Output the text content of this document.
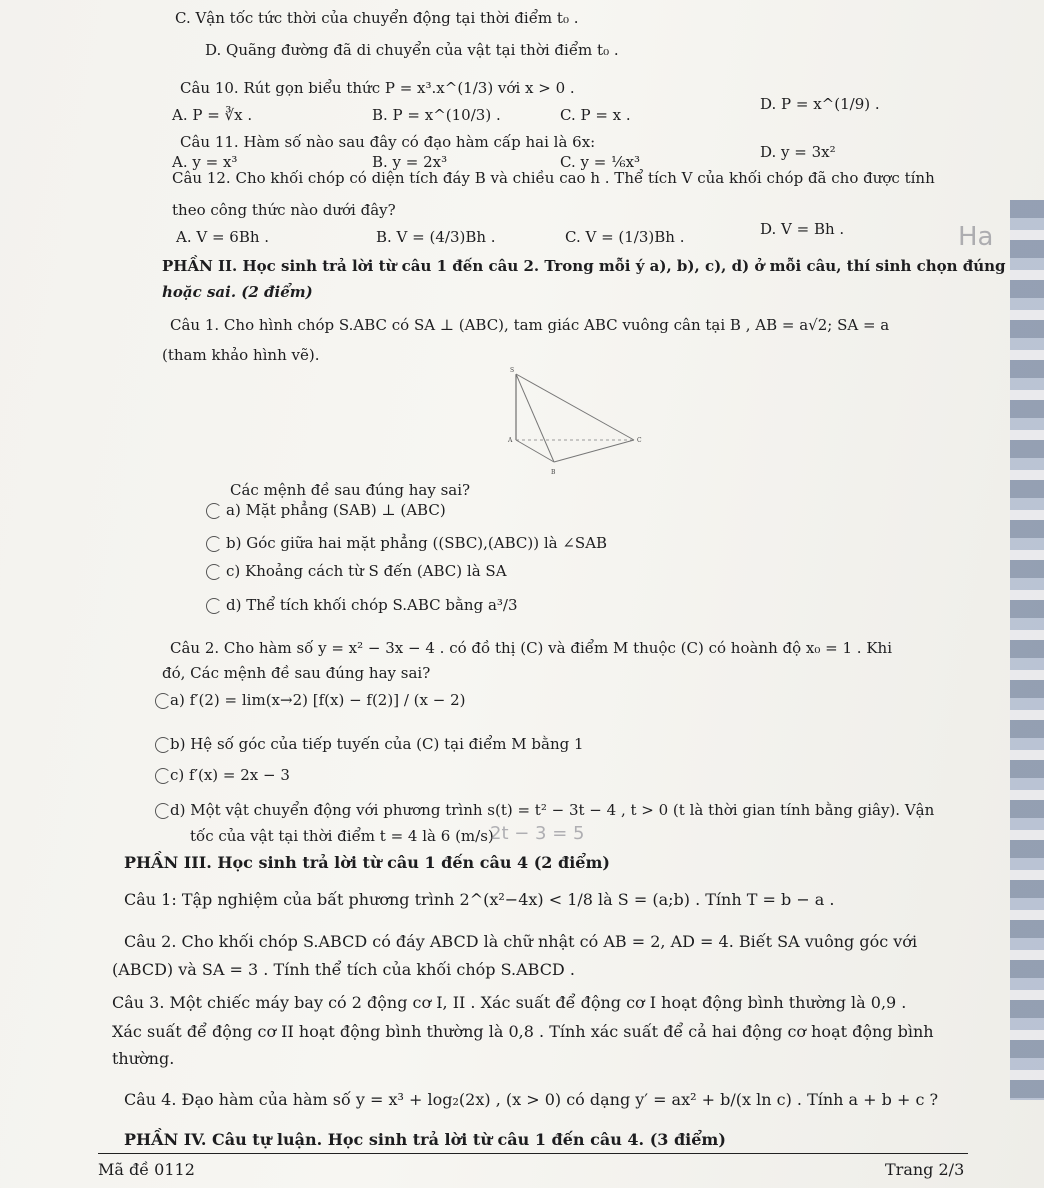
C. Vận tốc tức thời của chuyển động tại thời điểm t₀ .
D. Quãng đường đã di chuyển của vật tại thời điểm t₀ .
Câu 10. Rút gọn biểu thức P = x³.x^(1/3) với x > 0 .
A. P = ∛x .	B. P = x^(10/3) .	C. P = x .
D. P = x^(1/9) .
Câu 11. Hàm số nào sau đây có đạo hàm cấp hai là 6x:
A. y = x³	B. y = 2x³	C. y = ⅙x³
D. y = 3x²
Câu 12. Cho khối chóp có diện tích đáy B và chiều cao h . Thể tích V của khối chóp đã cho được tính
theo công thức nào dưới đây?
A. V = 6Bh .	B. V = (4/3)Bh .	C. V = (1/3)Bh .	D. V = Bh .	Ha
PHẦN II. Học sinh trả lời từ câu 1 đến câu 2. Trong mỗi ý a), b), c), d) ở mỗi câu, thí sinh chọn đúng
hoặc sai. (2 điểm)
Câu 1. Cho hình chóp S.ABC có SA ⊥ (ABC), tam giác ABC vuông cân tại B , AB = a√2; SA = a
(tham khảo hình vẽ).
S
A
B
C
Các mệnh đề sau đúng hay sai?
a) Mặt phẳng (SAB) ⊥ (ABC)
b) Góc giữa hai mặt phẳng ((SBC),(ABC)) là ∠SAB
c) Khoảng cách từ S đến (ABC) là SA
d) Thể tích khối chóp S.ABC bằng a³/3
Câu 2. Cho hàm số y = x² − 3x − 4 . có đồ thị (C) và điểm M thuộc (C) có hoành độ x₀ = 1 . Khi
đó, Các mệnh đề sau đúng hay sai?
a) f′(2) = lim(x→2) [f(x) − f(2)] / (x − 2)
b) Hệ số góc của tiếp tuyến của (C) tại điểm M bằng 1
c) f′(x) = 2x − 3
d) Một vật chuyển động với phương trình s(t) = t² − 3t − 4 , t > 0 (t là thời gian tính bằng giây). Vận
tốc của vật tại thời điểm t = 4 là 6 (m/s)
2t − 3 = 5
PHẦN III. Học sinh trả lời từ câu 1 đến câu 4 (2 điểm)
Câu 1: Tập nghiệm của bất phương trình 2^(x²−4x) < 1/8 là S = (a;b) . Tính T = b − a .
Câu 2. Cho khối chóp S.ABCD có đáy ABCD là chữ nhật có AB = 2, AD = 4. Biết SA vuông góc với
(ABCD) và SA = 3 . Tính thể tích của khối chóp S.ABCD .
Câu 3. Một chiếc máy bay có 2 động cơ I, II . Xác suất để động cơ I hoạt động bình thường là 0,9 .
Xác suất để động cơ II hoạt động bình thường là 0,8 . Tính xác suất để cả hai động cơ hoạt động bình
thường.
Câu 4. Đạo hàm của hàm số y = x³ + log₂(2x) , (x > 0) có dạng y′ = ax² + b/(x ln c) . Tính a + b + c ?
PHẦN IV. Câu tự luận. Học sinh trả lời từ câu 1 đến câu 4. (3 điểm)
Mã đề 0112	Trang 2/3
